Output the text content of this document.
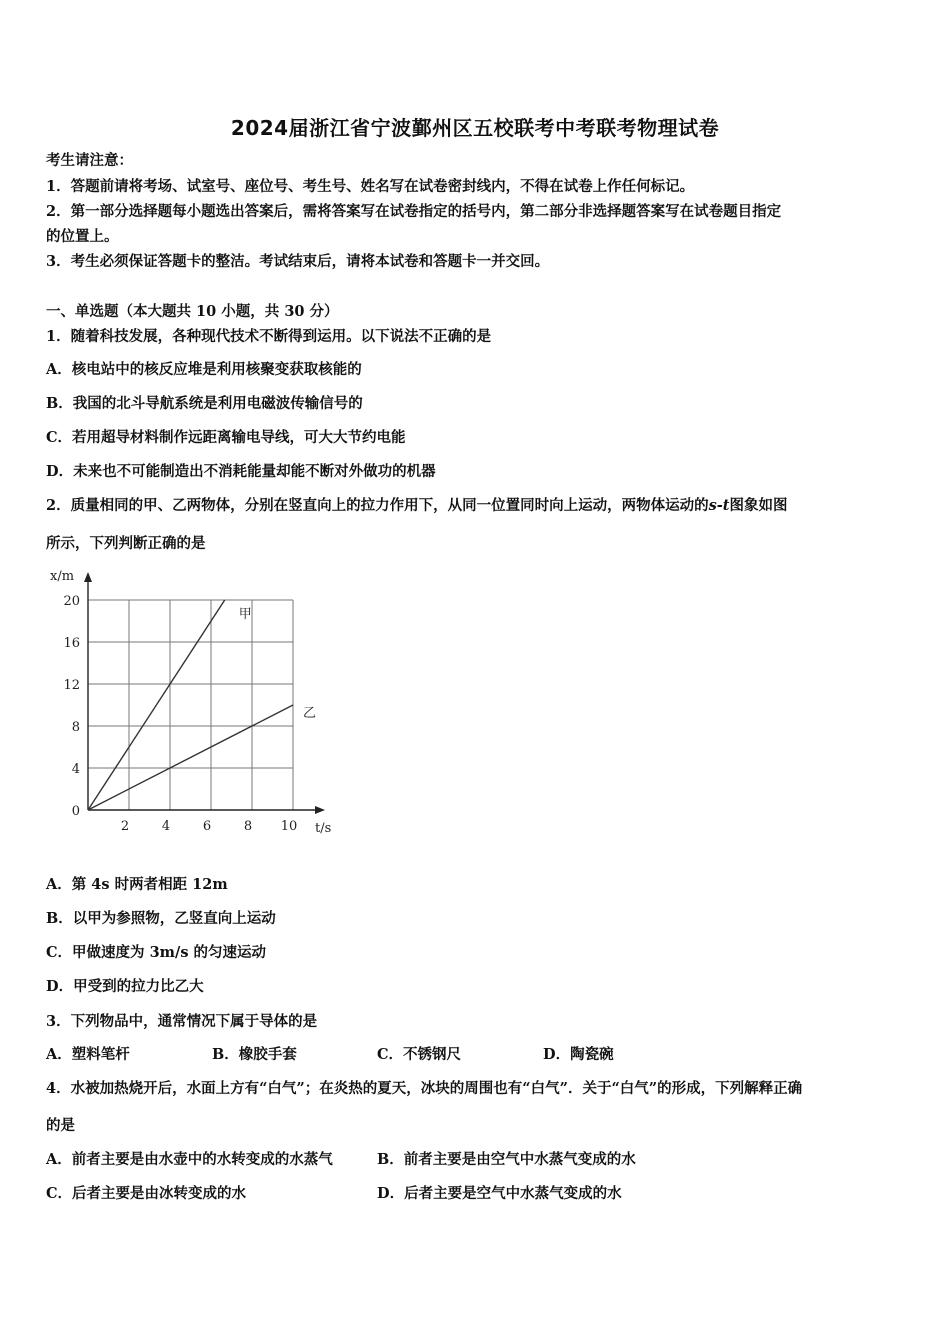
2024届浙江省宁波鄞州区五校联考中考联考物理试卷
考生请注意：
1．答题前请将考场、试室号、座位号、考生号、姓名写在试卷密封线内，不得在试卷上作任何标记。
2．第一部分选择题每小题选出答案后，需将答案写在试卷指定的括号内，第二部分非选择题答案写在试卷题目指定
的位置上。
3．考生必须保证答题卡的整洁。考试结束后，请将本试卷和答题卡一并交回。
一、单选题（本大题共 10 小题，共 30 分）
1．随着科技发展，各种现代技术不断得到运用。以下说法不正确的是
A．核电站中的核反应堆是利用核聚变获取核能的
B．我国的北斗导航系统是利用电磁波传输信号的
C．若用超导材料制作远距离输电导线，可大大节约电能
D．未来也不可能制造出不消耗能量却能不断对外做功的机器
2．质量相同的甲、乙两物体，分别在竖直向上的拉力作用下，从同一位置同时向上运动，两物体运动的s-t图象如图
所示，下列判断正确的是
2	4	6	8 10
0
4
8
12
16
20
x/m
t/s
甲
乙
A．第 4s 时两者相距 12m
B．以甲为参照物，乙竖直向上运动
C．甲做速度为 3m/s 的匀速运动
D．甲受到的拉力比乙大
3．下列物品中，通常情况下属于导体的是
A．塑料笔杆	B．橡胶手套	C．不锈钢尺	D．陶瓷碗
4．水被加热烧开后，水面上方有“白气”；在炎热的夏天，冰块的周围也有“白气”．关于“白气”的形成，下列解释正确
的是
A．前者主要是由水壶中的水转变成的水蒸气	B．前者主要是由空气中水蒸气变成的水
C．后者主要是由冰转变成的水	D．后者主要是空气中水蒸气变成的水
